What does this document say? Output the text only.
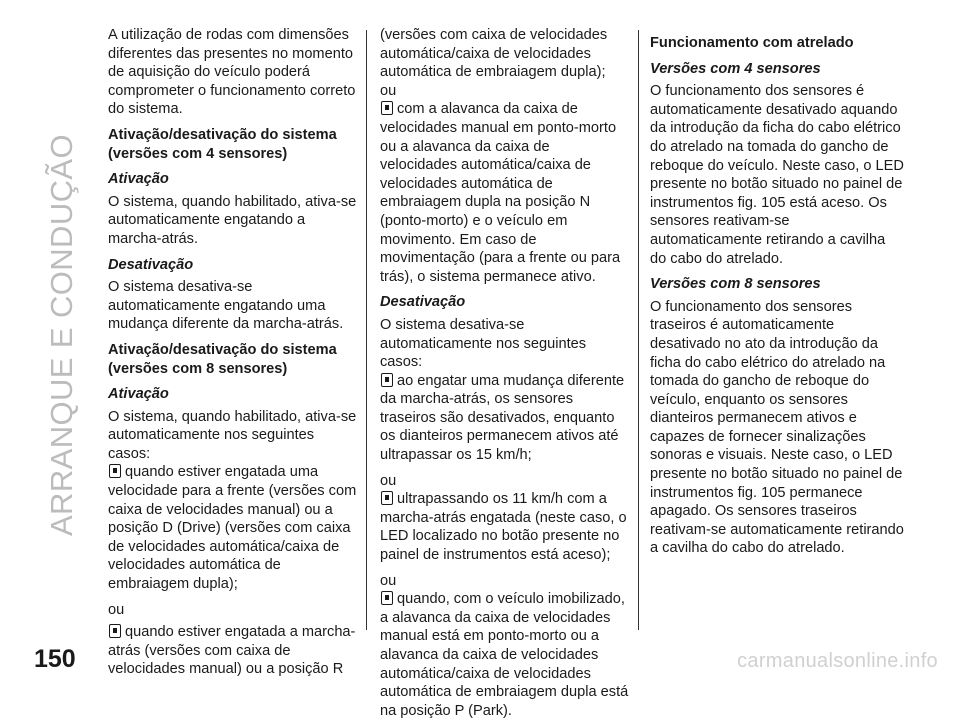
ARRANQUE E CONDUÇÃO
150

A utilização de rodas com dimensões diferentes das presentes no momento de aquisição do veículo poderá comprometer o funcionamento correto do sistema.

Ativação/desativação do sistema (versões com 4 sensores)

Ativação

O sistema, quando habilitado, ativa-se automaticamente engatando a marcha-atrás.

Desativação

O sistema desativa-se automaticamente engatando uma mudança diferente da marcha-atrás.

Ativação/desativação do sistema (versões com 8 sensores)

Ativação

O sistema, quando habilitado, ativa-se automaticamente nos seguintes casos:

quando estiver engatada uma velocidade para a frente (versões com caixa de velocidades manual) ou a posição D (Drive) (versões com caixa de velocidades automática/caixa de velocidades automática de embraiagem dupla);

ou

quando estiver engatada a marcha-atrás (versões com caixa de velocidades manual) ou a posição R

(versões com caixa de velocidades automática/caixa de velocidades automática de embraiagem dupla);

ou

com a alavanca da caixa de velocidades manual em ponto-morto ou a alavanca da caixa de velocidades automática/caixa de velocidades automática de embraiagem dupla na posição N (ponto-morto) e o veículo em movimento. Em caso de movimentação (para a frente ou para trás), o sistema permanece ativo.

Desativação

O sistema desativa-se automaticamente nos seguintes casos:

ao engatar uma mudança diferente da marcha-atrás, os sensores traseiros são desativados, enquanto os dianteiros permanecem ativos até ultrapassar os 15 km/h;

ou

ultrapassando os 11 km/h com a marcha-atrás engatada (neste caso, o LED localizado no botão presente no painel de instrumentos está aceso);

ou

quando, com o veículo imobilizado, a alavanca da caixa de velocidades manual está em ponto-morto ou a alavanca da caixa de velocidades automática/caixa de velocidades automática de embraiagem dupla está na posição P (Park).

Funcionamento com atrelado

Versões com 4 sensores

O funcionamento dos sensores é automaticamente desativado aquando da introdução da ficha do cabo elétrico do atrelado na tomada do gancho de reboque do veículo. Neste caso, o LED presente no botão situado no painel de instrumentos fig. 105 está aceso. Os sensores reativam-se automaticamente retirando a cavilha do cabo do atrelado.

Versões com 8 sensores

O funcionamento dos sensores traseiros é automaticamente desativado no ato da introdução da ficha do cabo elétrico do atrelado na tomada do gancho de reboque do veículo, enquanto os sensores dianteiros permanecem ativos e capazes de fornecer sinalizações sonoras e visuais. Neste caso, o LED presente no botão situado no painel de instrumentos fig. 105 permanece apagado. Os sensores traseiros reativam-se automaticamente retirando a cavilha do cabo do atrelado.

carmanualsonline.info
